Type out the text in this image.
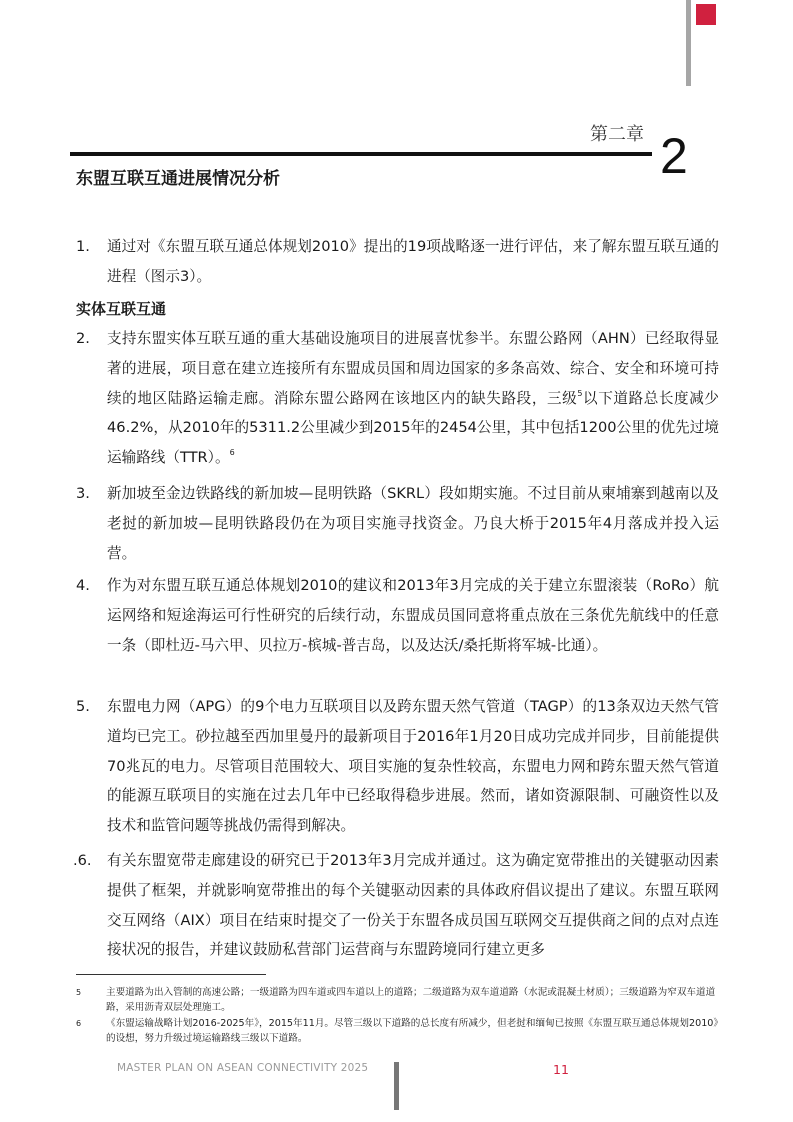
第二章 2
东盟互联互通进展情况分析
1. 通过对《东盟互联互通总体规划2010》提出的19项战略逐一进行评估，来了解东盟互联互通的进程（图示3）。
实体互联互通
2. 支持东盟实体互联互通的重大基础设施项目的进展喜忧参半。东盟公路网（AHN）已经取得显著的进展，项目意在建立连接所有东盟成员国和周边国家的多条高效、综合、安全和环境可持续的地区陆路运输走廊。消除东盟公路网在该地区内的缺失路段，三级$^5$以下道路总长度减少46.2%，从2010年的5311.2公里减少到2015年的2454公里，其中包括1200公里的优先过境运输路线（TTR）。$^6$
3. 新加坡至金边铁路线的新加坡—昆明铁路（SKRL）段如期实施。不过目前从柬埔寨到越南以及老挝的新加坡—昆明铁路段仍在为项目实施寻找资金。乃良大桥于2015年4月落成并投入运营。
4. 作为对东盟互联互通总体规划2010的建议和2013年3月完成的关于建立东盟滚装（RoRo）航运网络和短途海运可行性研究的后续行动，东盟成员国同意将重点放在三条优先航线中的任意一条（即杜迈-马六甲、贝拉万-槟城-普吉岛，以及达沃/桑托斯将军城-比通）。
5. 东盟电力网（APG）的9个电力互联项目以及跨东盟天然气管道（TAGP）的13条双边天然气管道均已完工。砂拉越至西加里曼丹的最新项目于2016年1月20日成功完成并同步，目前能提供70兆瓦的电力。尽管项目范围较大、项目实施的复杂性较高，东盟电力网和跨东盟天然气管道的能源互联项目的实施在过去几年中已经取得稳步进展。然而，诸如资源限制、可融资性以及技术和监管问题等挑战仍需得到解决。
.6. 有关东盟宽带走廊建设的研究已于2013年3月完成并通过。这为确定宽带推出的关键驱动因素提供了框架，并就影响宽带推出的每个关键驱动因素的具体政府倡议提出了建议。东盟互联网交互网络（AIX）项目在结束时提交了一份关于东盟各成员国互联网交互提供商之间的点对点连接状况的报告，并建议鼓励私营部门运营商与东盟跨境同行建立更多
5	主要道路为出入管制的高速公路；一级道路为四车道或四车道以上的道路；二级道路为双车道道路（水泥或混凝土材质）；三级道路为窄双车道道路，采用沥青双层处理施工。
6	《东盟运输战略计划2016-2025年》，2015年11月。尽管三级以下道路的总长度有所减少，但老挝和缅甸已按照《东盟互联互通总体规划2010》的设想，努力升级过境运输路线三级以下道路。
MASTER PLAN ON ASEAN CONNECTIVITY 2025	11
